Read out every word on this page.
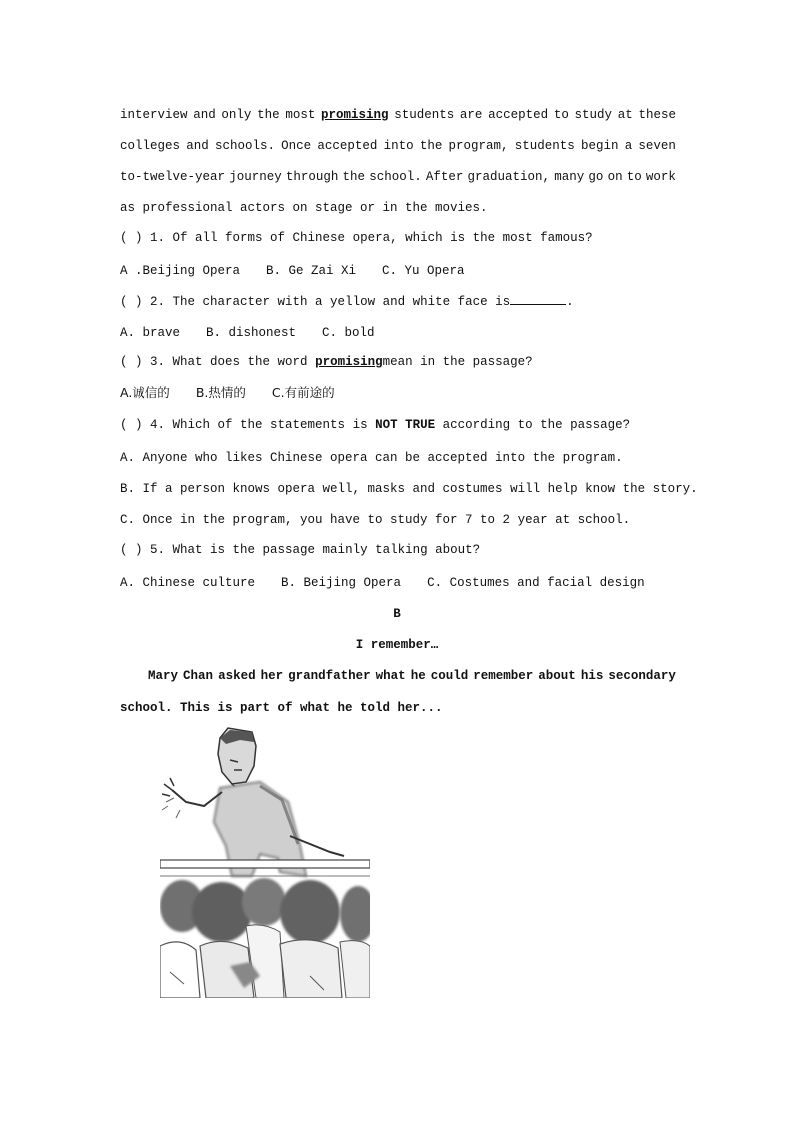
interview and only the most promising students are accepted to study at these
colleges and schools. Once accepted into the program, students begin a seven
to-twelve-year journey through the school. After graduation, many go on to work
as professional actors on stage or in the movies.
( ) 1. Of all forms of Chinese opera, which is the most famous?
A .Beijing Opera B. Ge Zai Xi C. Yu Opera
( ) 2. The character with a yellow and white face is	.
A. brave B. dishonest C. bold
( ) 3. What does the word promisingmean in the passage?
A.诚信的 B.热情的 C.有前途的
( ) 4. Which of the statements is NOT TRUE according to the passage?
A. Anyone who likes Chinese opera can be accepted into the program.
B. If a person knows opera well, masks and costumes will help know the story.
C. Once in the program, you have to study for 7 to 2 year at school.
( ) 5. What is the passage mainly talking about?
A. Chinese culture B. Beijing Opera C. Costumes and facial design
B
I remember…
Mary Chan asked her grandfather what he could remember about his secondary
school. This is part of what he told her...
